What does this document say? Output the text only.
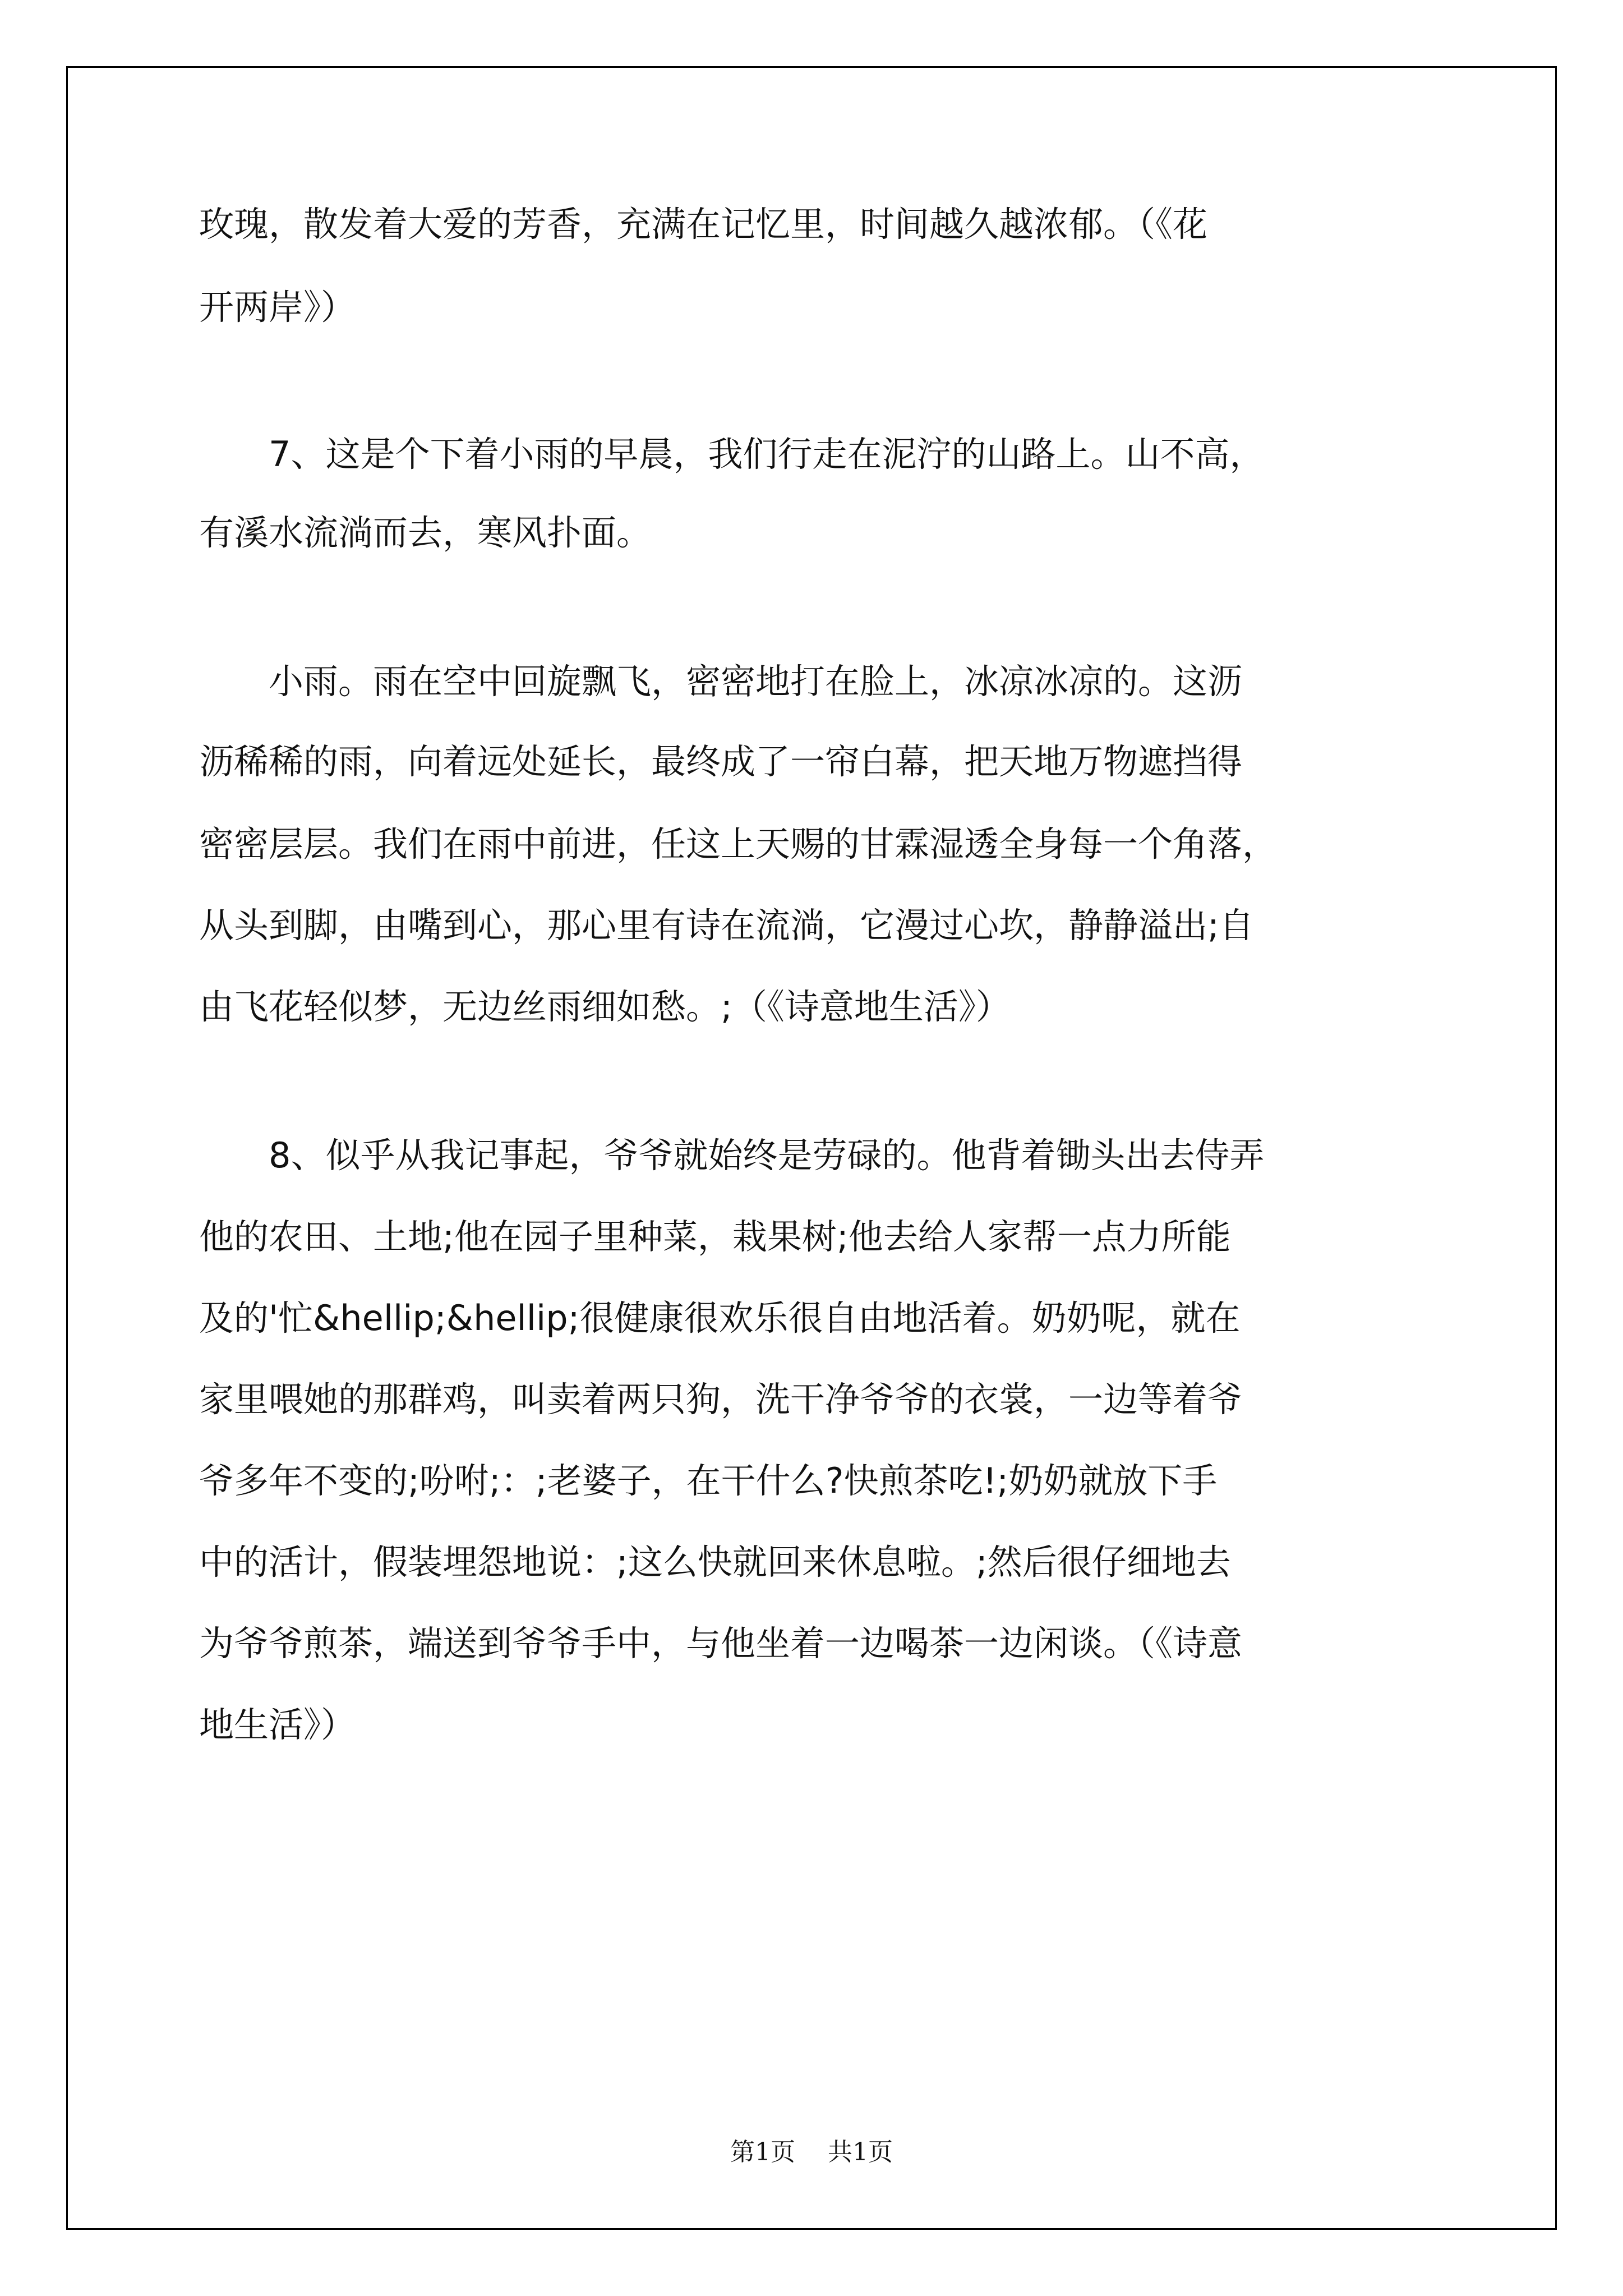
玫瑰，散发着大爱的芳香，充满在记忆里，时间越久越浓郁。（《花
开两岸》）
　　7、这是个下着小雨的早晨，我们行走在泥泞的山路上。山不高，
有溪水流淌而去，寒风扑面。
　　小雨。雨在空中回旋飘飞，密密地打在脸上，冰凉冰凉的。这沥
沥稀稀的雨，向着远处延长，最终成了一帘白幕，把天地万物遮挡得
密密层层。我们在雨中前进，任这上天赐的甘霖湿透全身每一个角落，
从头到脚，由嘴到心，那心里有诗在流淌，它漫过心坎，静静溢出;自
由飞花轻似梦，无边丝雨细如愁。;（《诗意地生活》）
　　8、似乎从我记事起，爷爷就始终是劳碌的。他背着锄头出去侍弄
他的农田、土地;他在园子里种菜，栽果树;他去给人家帮一点力所能
及的'忙&hellip;&hellip;很健康很欢乐很自由地活着。奶奶呢，就在
家里喂她的那群鸡，叫卖着两只狗，洗干净爷爷的衣裳，一边等着爷
爷多年不变的;吩咐;：;老婆子，在干什么?快煎茶吃!;奶奶就放下手
中的活计，假装埋怨地说：;这么快就回来休息啦。;然后很仔细地去
为爷爷煎茶，端送到爷爷手中，与他坐着一边喝茶一边闲谈。（《诗意
地生活》）
第1页 共1页
